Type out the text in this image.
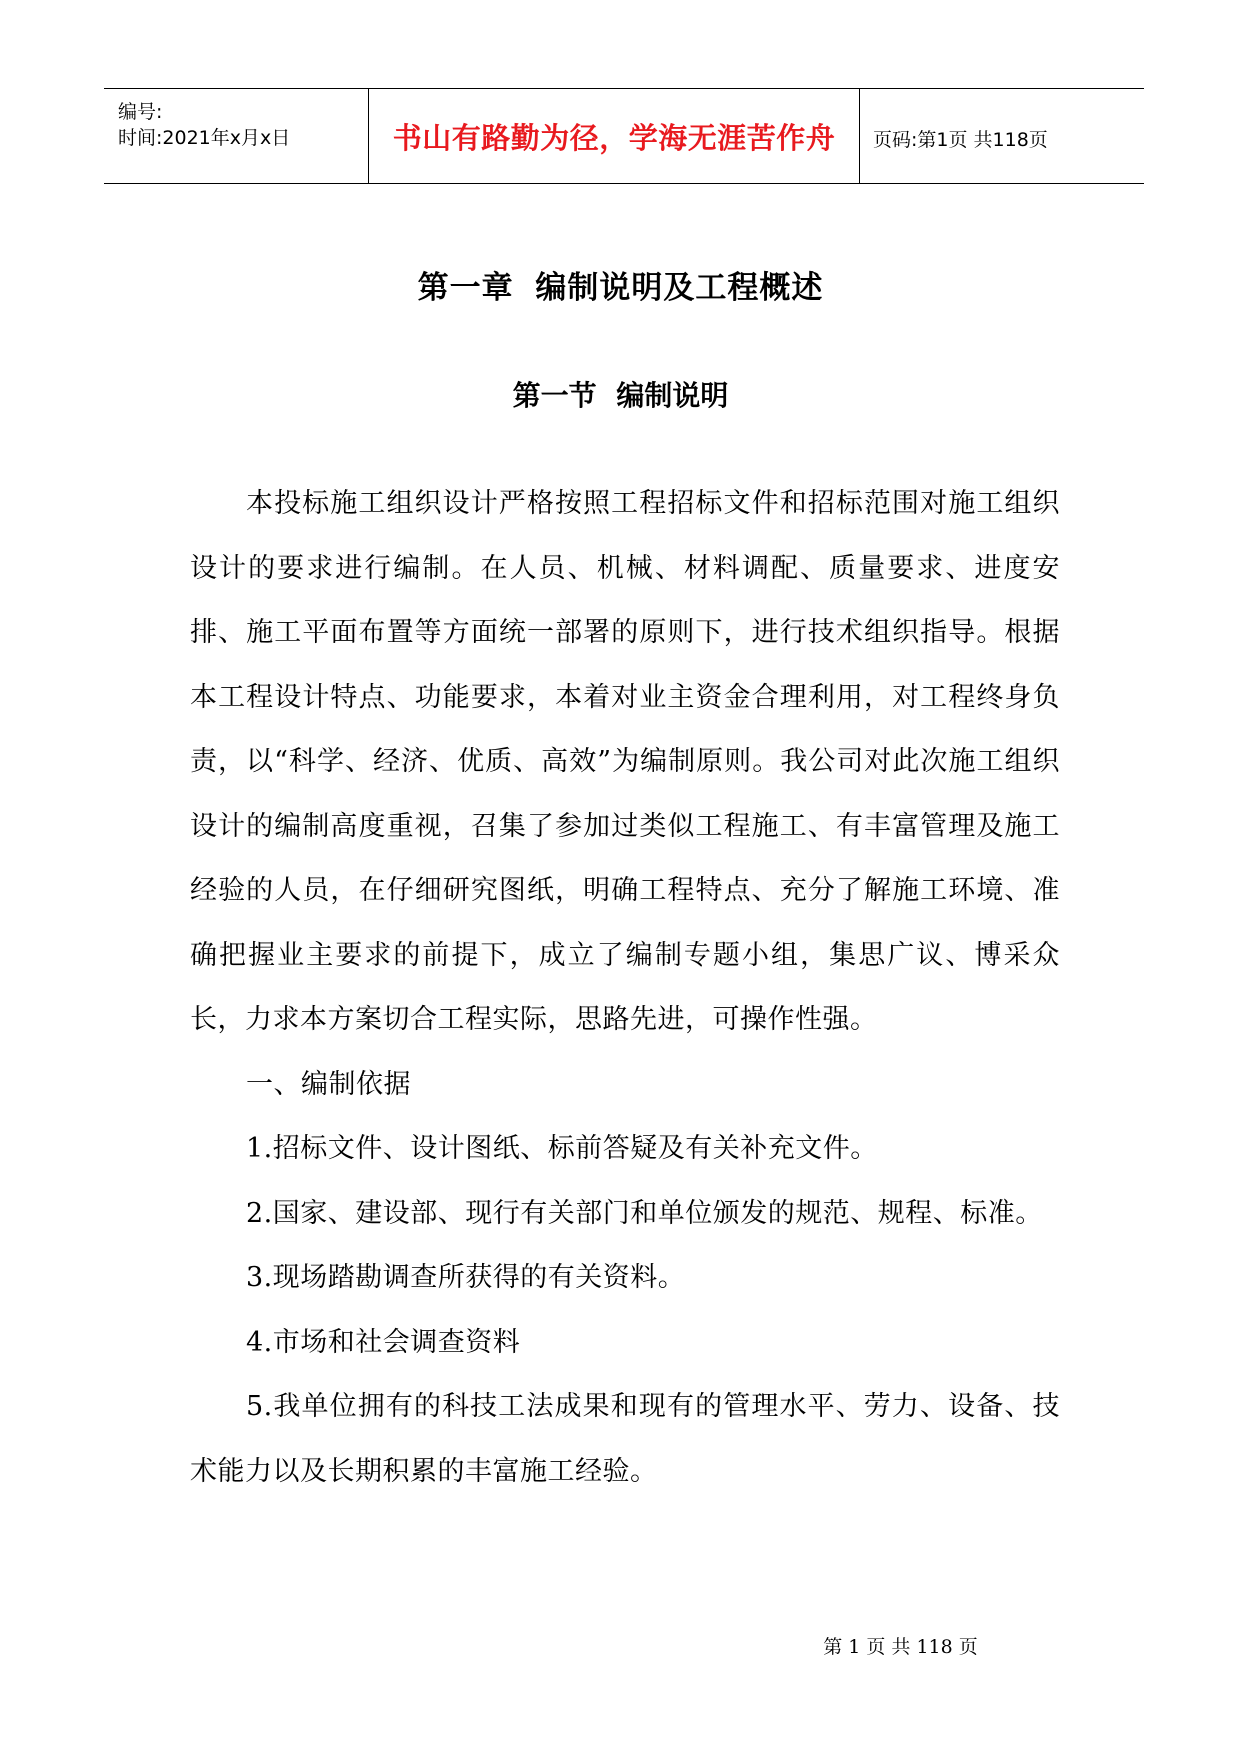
编号:
时间:2021年x月x日	书山有路勤为径，学海无涯苦作舟	页码:第1页 共118页
第一章 编制说明及工程概述
第一节 编制说明

本投标施工组织设计严格按照工程招标文件和招标范围对施工组织设计的要求进行编制。在人员、机械、材料调配、质量要求、进度安排、施工平面布置等方面统一部署的原则下，进行技术组织指导。根据本工程设计特点、功能要求，本着对业主资金合理利用，对工程终身负责，以“科学、经济、优质、高效”为编制原则。我公司对此次施工组织设计的编制高度重视，召集了参加过类似工程施工、有丰富管理及施工经验的人员，在仔细研究图纸，明确工程特点、充分了解施工环境、准确把握业主要求的前提下，成立了编制专题小组，集思广议、博采众长，力求本方案切合工程实际，思路先进，可操作性强。

一、编制依据

1.招标文件、设计图纸、标前答疑及有关补充文件。

2.国家、建设部、现行有关部门和单位颁发的规范、规程、标准。

3.现场踏勘调查所获得的有关资料。

4.市场和社会调查资料

5.我单位拥有的科技工法成果和现有的管理水平、劳力、设备、技术能力以及长期积累的丰富施工经验。

第 1 页 共 118 页
